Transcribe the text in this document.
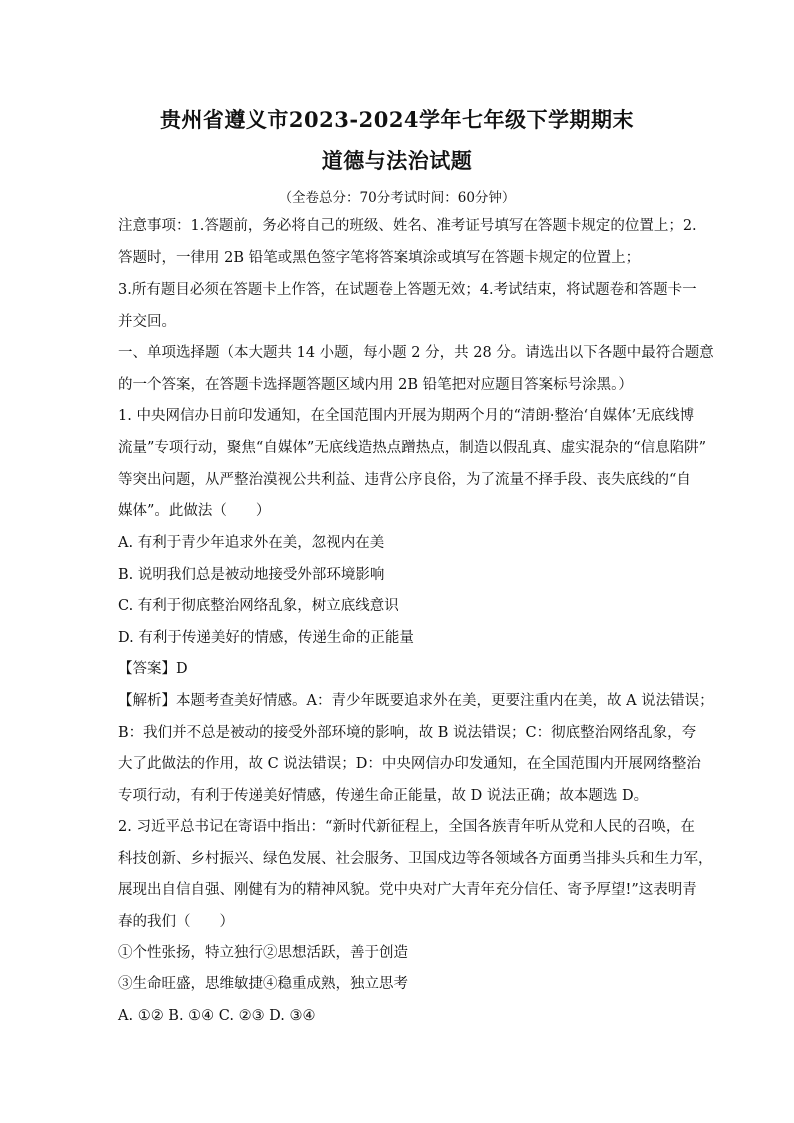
贵州省遵义市2023-2024学年七年级下学期期末
道德与法治试题
（全卷总分：70分考试时间：60分钟）
注意事项：1.答题前，务必将自己的班级、姓名、准考证号填写在答题卡规定的位置上；2.
答题时，一律用 2B 铅笔或黑色签字笔将答案填涂或填写在答题卡规定的位置上；
3.所有题目必须在答题卡上作答，在试题卷上答题无效；4.考试结束，将试题卷和答题卡一
并交回。
一、单项选择题（本大题共 14 小题，每小题 2 分，共 28 分。请选出以下各题中最符合题意
的一个答案，在答题卡选择题答题区域内用 2B 铅笔把对应题目答案标号涂黑。）
1. 中央网信办日前印发通知，在全国范围内开展为期两个月的“清朗·整治‘自媒体’无底线博
流量”专项行动，聚焦“自媒体”无底线造热点蹭热点，制造以假乱真、虚实混杂的“信息陷阱”
等突出问题，从严整治漠视公共利益、违背公序良俗，为了流量不择手段、丧失底线的“自
媒体”。此做法（　　）
A. 有利于青少年追求外在美，忽视内在美
B. 说明我们总是被动地接受外部环境影响
C. 有利于彻底整治网络乱象，树立底线意识
D. 有利于传递美好的情感，传递生命的正能量
【答案】D
【解析】本题考查美好情感。A：青少年既要追求外在美，更要注重内在美，故 A 说法错误；
B：我们并不总是被动的接受外部环境的影响，故 B 说法错误；C：彻底整治网络乱象，夸
大了此做法的作用，故 C 说法错误；D：中央网信办印发通知，在全国范围内开展网络整治
专项行动，有利于传递美好情感，传递生命正能量，故 D 说法正确；故本题选 D。
2. 习近平总书记在寄语中指出：“新时代新征程上，全国各族青年听从党和人民的召唤，在
科技创新、乡村振兴、绿色发展、社会服务、卫国戍边等各领域各方面勇当排头兵和生力军，
展现出自信自强、刚健有为的精神风貌。党中央对广大青年充分信任、寄予厚望!”这表明青
春的我们（　　）
①个性张扬，特立独行②思想活跃，善于创造
③生命旺盛，思维敏捷④稳重成熟，独立思考
A. ①② B. ①④ C. ②③ D. ③④
